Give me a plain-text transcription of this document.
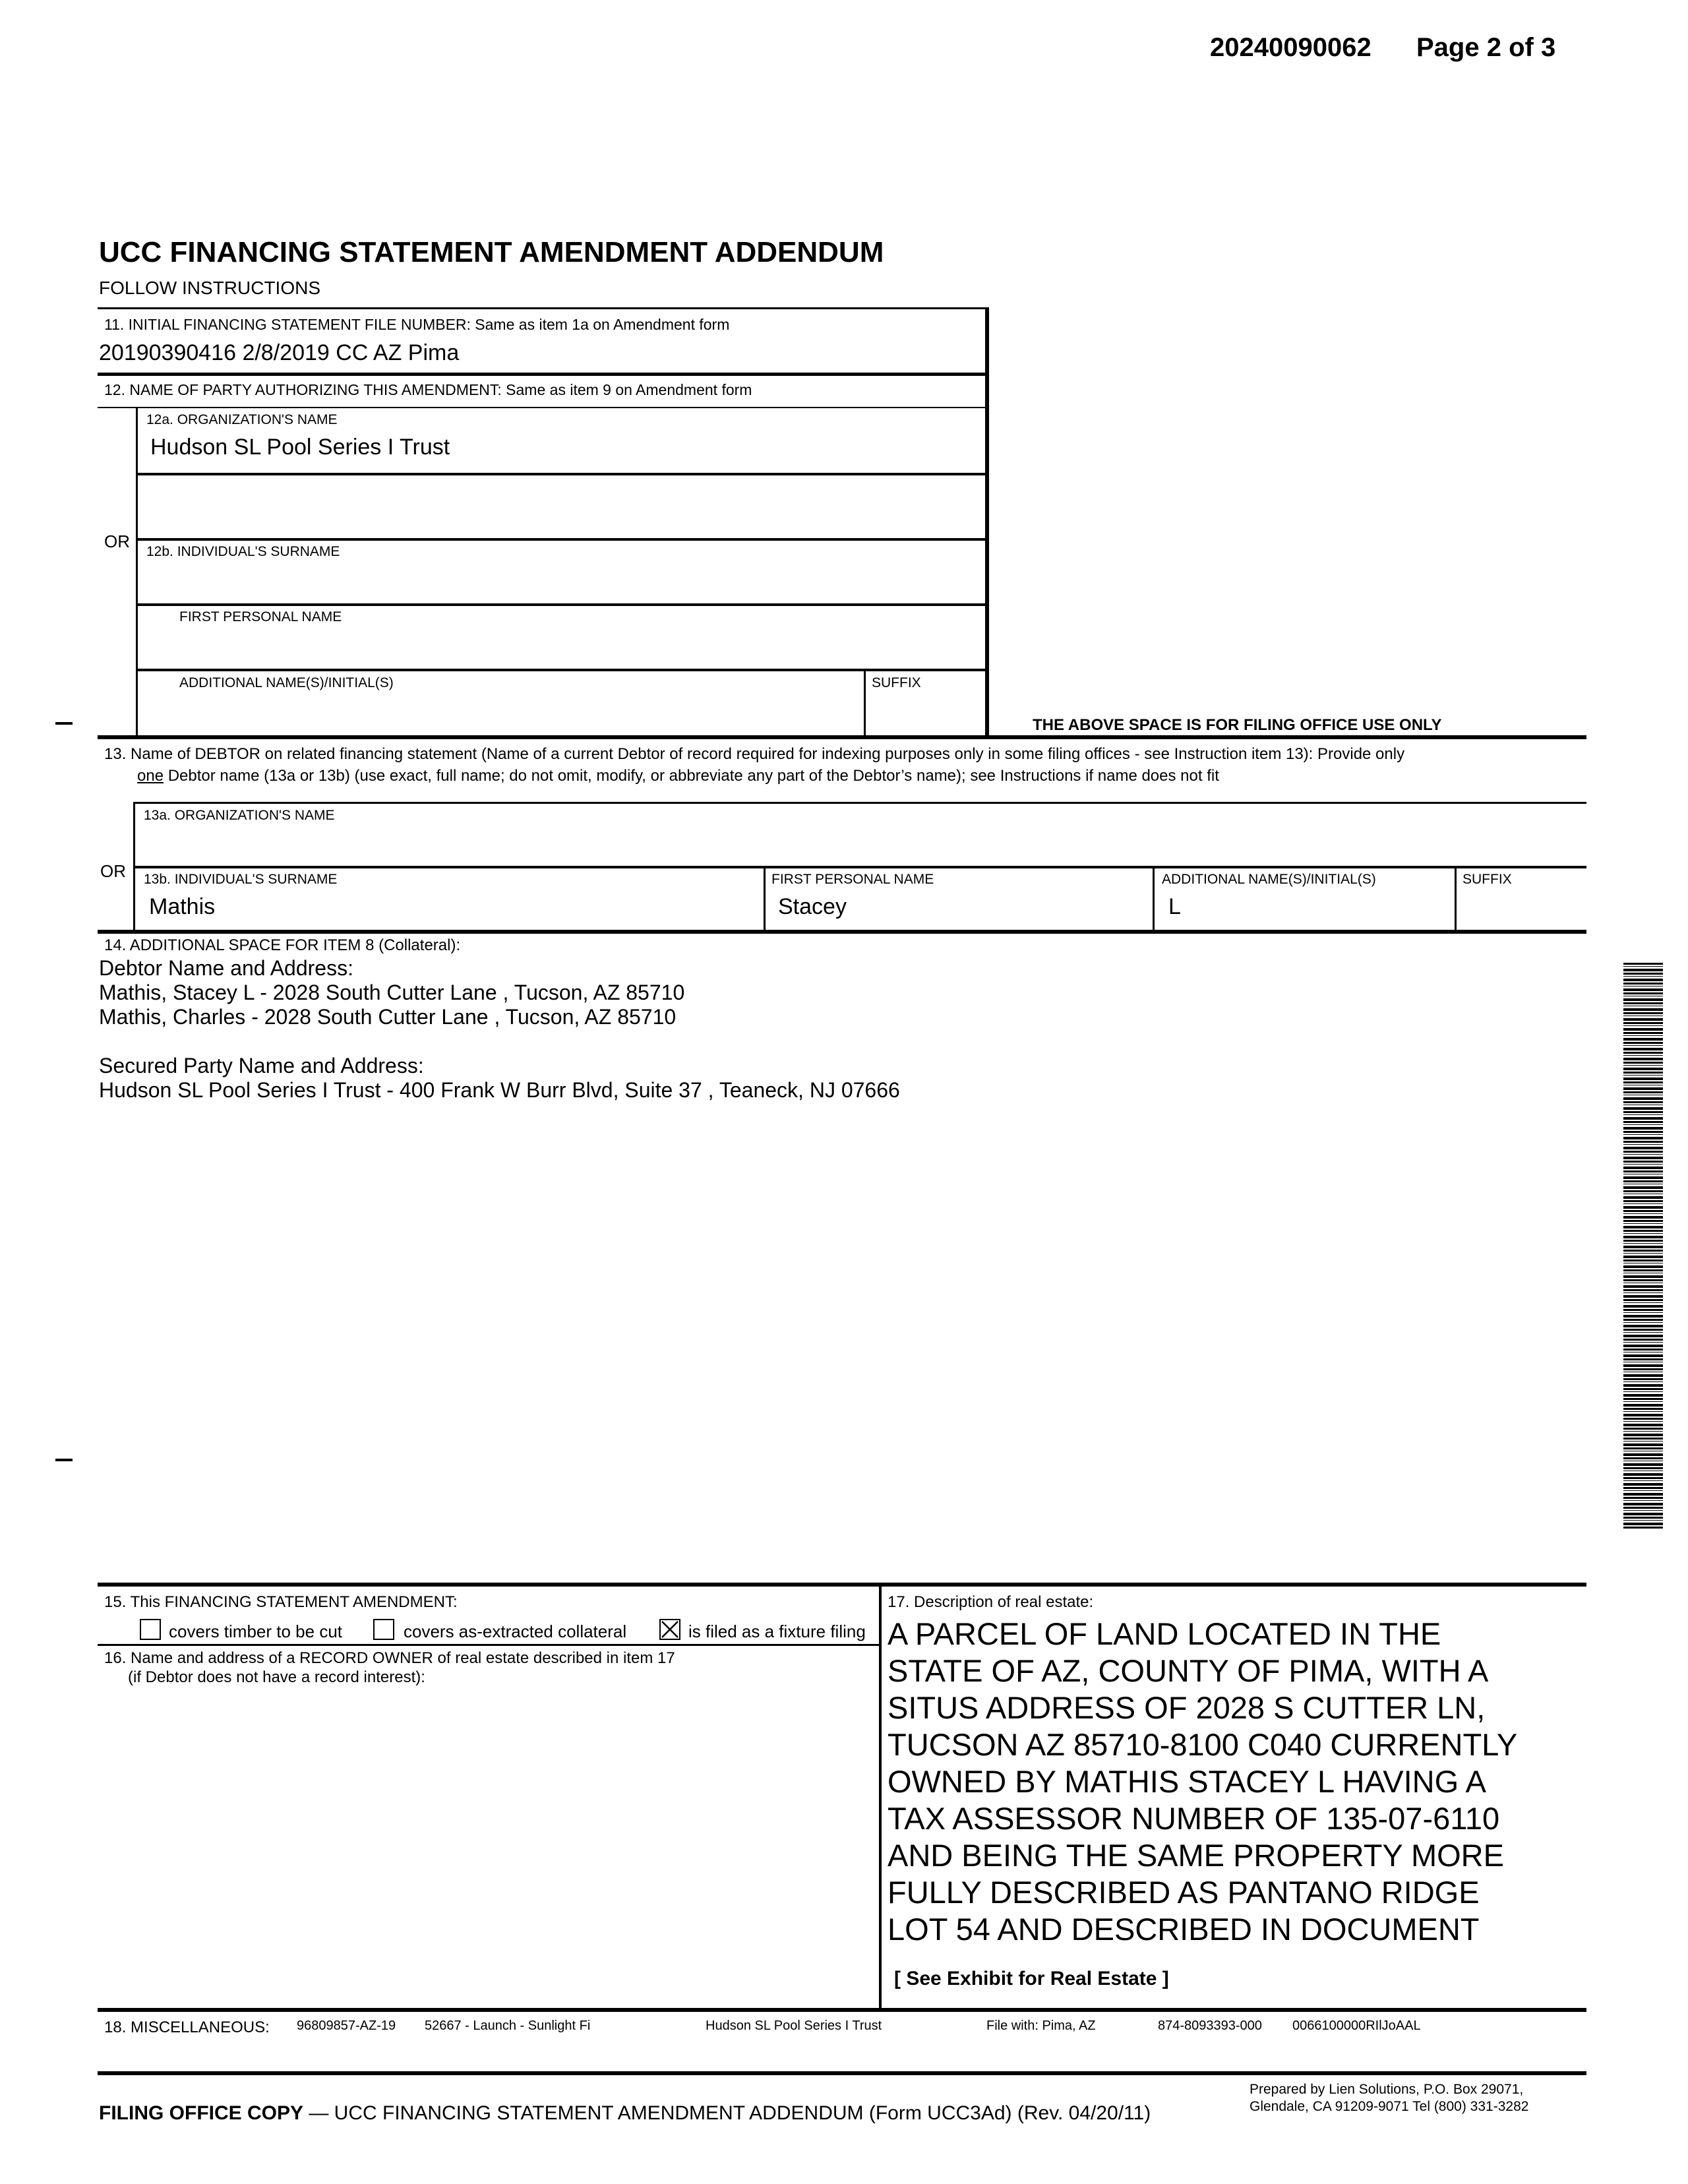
20240090062 Page 2 of 3
UCC FINANCING STATEMENT AMENDMENT ADDENDUM
FOLLOW INSTRUCTIONS
11. INITIAL FINANCING STATEMENT FILE NUMBER: Same as item 1a on Amendment form
20190390416 2/8/2019 CC AZ Pima
12. NAME OF PARTY AUTHORIZING THIS AMENDMENT: Same as item 9 on Amendment form
12a. ORGANIZATION'S NAME
Hudson SL Pool Series I Trust
OR
12b. INDIVIDUAL'S SURNAME
FIRST PERSONAL NAME
ADDITIONAL NAME(S)/INITIAL(S)	SUFFIX
THE ABOVE SPACE IS FOR FILING OFFICE USE ONLY
13. Name of DEBTOR on related financing statement (Name of a current Debtor of record required for indexing purposes only in some filing offices - see Instruction item 13): Provide only
one Debtor name (13a or 13b) (use exact, full name; do not omit, modify, or abbreviate any part of the Debtor’s name); see Instructions if name does not fit
13a. ORGANIZATION'S NAME
OR 13b. INDIVIDUAL'S SURNAME
Mathis
FIRST PERSONAL NAME
Stacey
ADDITIONAL NAME(S)/INITIAL(S)
L
SUFFIX
14. ADDITIONAL SPACE FOR ITEM 8 (Collateral):
Debtor Name and Address:
Mathis, Stacey L - 2028 South Cutter Lane , Tucson, AZ 85710
Mathis, Charles - 2028 South Cutter Lane , Tucson, AZ 85710
Secured Party Name and Address:
Hudson SL Pool Series I Trust - 400 Frank W Burr Blvd, Suite 37 , Teaneck, NJ 07666
15. This FINANCING STATEMENT AMENDMENT:
covers timber to be cut	covers as-extracted collateral	is filed as a fixture filing
16. Name and address of a RECORD OWNER of real estate described in item 17
(if Debtor does not have a record interest):
17. Description of real estate:
A PARCEL OF LAND LOCATED IN THE
STATE OF AZ, COUNTY OF PIMA, WITH A
SITUS ADDRESS OF 2028 S CUTTER LN,
TUCSON AZ 85710-8100 C040 CURRENTLY
OWNED BY MATHIS STACEY L HAVING A
TAX ASSESSOR NUMBER OF 135-07-6110
AND BEING THE SAME PROPERTY MORE
FULLY DESCRIBED AS PANTANO RIDGE
LOT 54 AND DESCRIBED IN DOCUMENT
[ See Exhibit for Real Estate ]
18. MISCELLANEOUS: 96809857-AZ-19 52667 - Launch - Sunlight Fi	Hudson SL Pool Series I Trust	File with: Pima, AZ	874-8093393-000 0066100000RIlJoAAL
FILING OFFICE COPY — UCC FINANCING STATEMENT AMENDMENT ADDENDUM (Form UCC3Ad) (Rev. 04/20/11)
Prepared by Lien Solutions, P.O. Box 29071,
Glendale, CA 91209-9071 Tel (800) 331-3282
